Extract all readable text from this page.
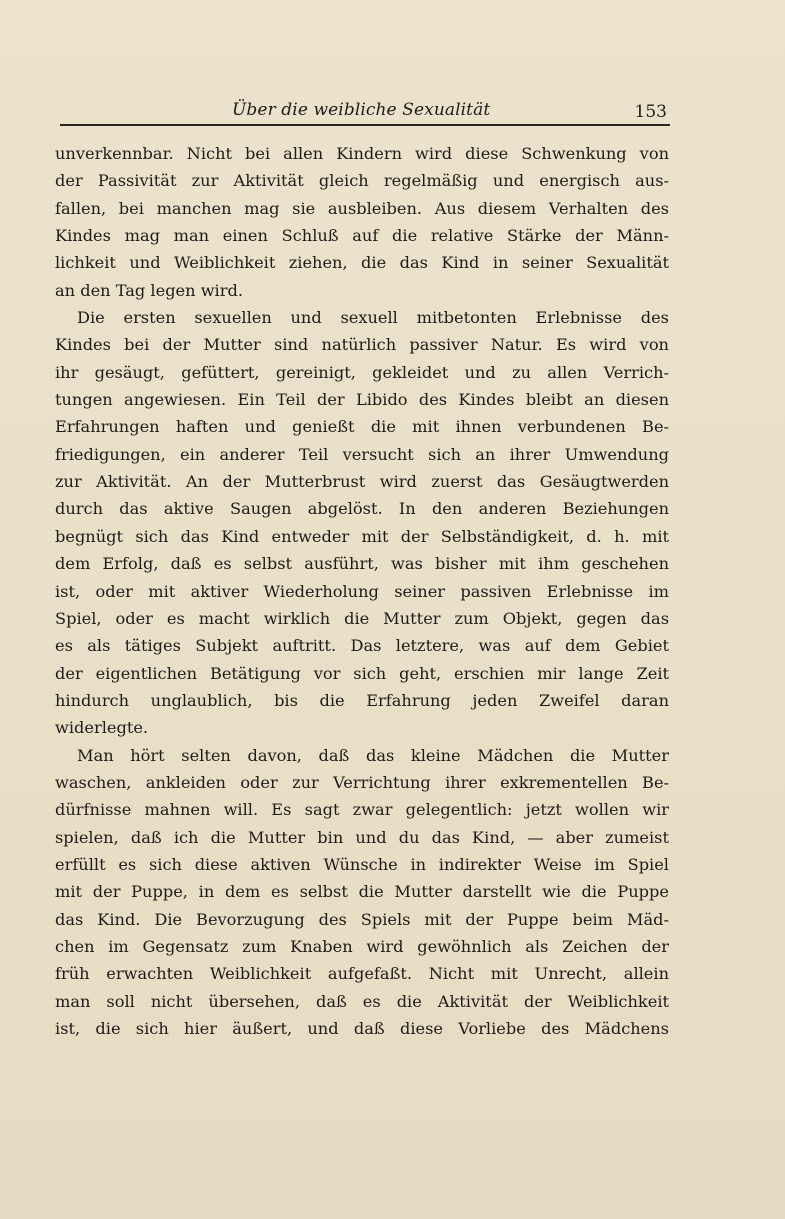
Über die weibliche Sexualität	153
unverkennbar. Nicht bei allen Kindern wird diese Schwenkung von
der Passivität zur Aktivität gleich regelmäßig und energisch aus-
fallen, bei manchen mag sie ausbleiben. Aus diesem Verhalten des
Kindes mag man einen Schluß auf die relative Stärke der Männ-
lichkeit und Weiblichkeit ziehen, die das Kind in seiner Sexualität
an den Tag legen wird.
Die ersten sexuellen und sexuell mitbetonten Erlebnisse des
Kindes bei der Mutter sind natürlich passiver Natur. Es wird von
ihr gesäugt, gefüttert, gereinigt, gekleidet und zu allen Verrich-
tungen angewiesen. Ein Teil der Libido des Kindes bleibt an diesen
Erfahrungen haften und genießt die mit ihnen verbundenen Be-
friedigungen, ein anderer Teil versucht sich an ihrer Umwendung
zur Aktivität. An der Mutterbrust wird zuerst das Gesäugtwerden
durch das aktive Saugen abgelöst. In den anderen Beziehungen
begnügt sich das Kind entweder mit der Selbständigkeit, d. h. mit
dem Erfolg, daß es selbst ausführt, was bisher mit ihm geschehen
ist, oder mit aktiver Wiederholung seiner passiven Erlebnisse im
Spiel, oder es macht wirklich die Mutter zum Objekt, gegen das
es als tätiges Subjekt auftritt. Das letztere, was auf dem Gebiet
der eigentlichen Betätigung vor sich geht, erschien mir lange Zeit
hindurch unglaublich, bis die Erfahrung jeden Zweifel daran
widerlegte.
Man hört selten davon, daß das kleine Mädchen die Mutter
waschen, ankleiden oder zur Verrichtung ihrer exkrementellen Be-
dürfnisse mahnen will. Es sagt zwar gelegentlich: jetzt wollen wir
spielen, daß ich die Mutter bin und du das Kind, — aber zumeist
erfüllt es sich diese aktiven Wünsche in indirekter Weise im Spiel
mit der Puppe, in dem es selbst die Mutter darstellt wie die Puppe
das Kind. Die Bevorzugung des Spiels mit der Puppe beim Mäd-
chen im Gegensatz zum Knaben wird gewöhnlich als Zeichen der
früh erwachten Weiblichkeit aufgefaßt. Nicht mit Unrecht, allein
man soll nicht übersehen, daß es die Aktivität der Weiblichkeit
ist, die sich hier äußert, und daß diese Vorliebe des Mädchens
